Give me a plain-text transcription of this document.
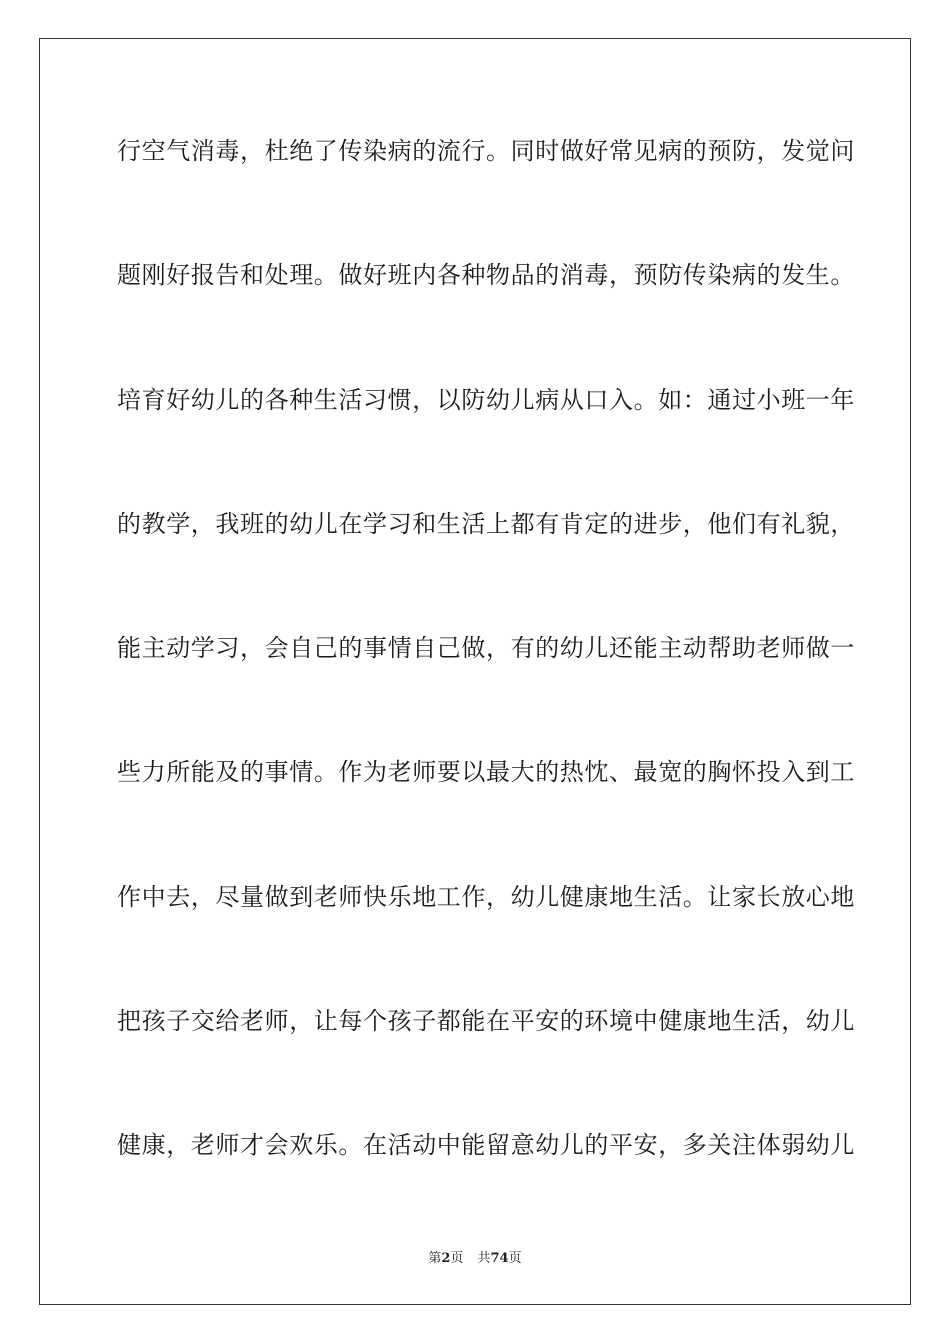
行空气消毒，杜绝了传染病的流行。同时做好常见病的预防，发觉问
题刚好报告和处理。做好班内各种物品的消毒，预防传染病的发生。
培育好幼儿的各种生活习惯，以防幼儿病从口入。如：通过小班一年
的教学，我班的幼儿在学习和生活上都有肯定的进步，他们有礼貌，
能主动学习，会自己的事情自己做，有的幼儿还能主动帮助老师做一
些力所能及的事情。作为老师要以最大的热忱、最宽的胸怀投入到工
作中去，尽量做到老师快乐地工作，幼儿健康地生活。让家长放心地
把孩子交给老师，让每个孩子都能在平安的环境中健康地生活，幼儿
健康，老师才会欢乐。在活动中能留意幼儿的平安，多关注体弱幼儿
第2页 共74页
